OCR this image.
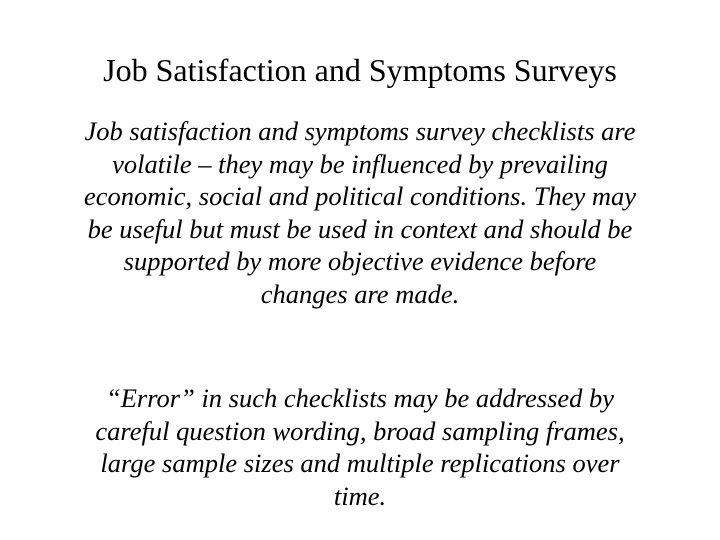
Job Satisfaction and Symptoms Surveys
Job satisfaction and symptoms survey checklists are
volatile – they may be influenced by prevailing
economic, social and political conditions. They may
be useful but must be used in context and should be
supported by more objective evidence before
changes are made.
“Error” in such checklists may be addressed by
careful question wording, broad sampling frames,
large sample sizes and multiple replications over
time.
